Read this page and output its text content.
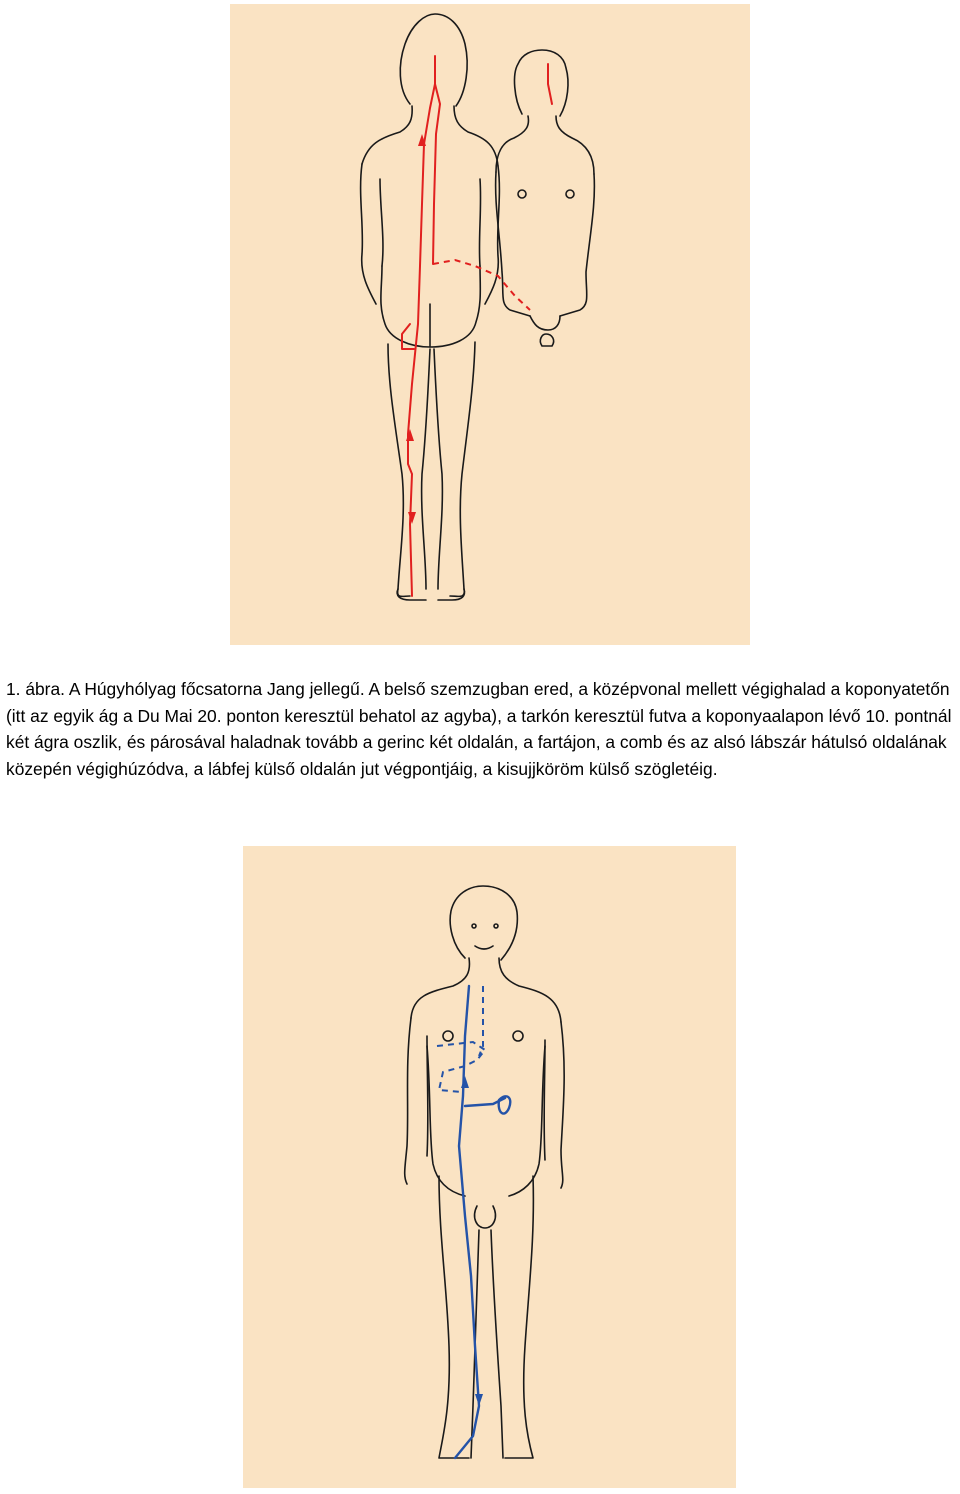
1. ábra. A Húgyhólyag főcsatorna Jang jellegű. A belső szemzugban ered, a középvonal mellett végighalad a koponyatetőn (itt az egyik ág a Du Mai 20. ponton keresztül behatol az agyba), a tarkón keresztül futva a koponyaalapon lévő 10. pontnál két ágra oszlik, és párosával haladnak tovább a gerinc két oldalán, a fartájon, a comb és az alsó lábszár hátulsó oldalának közepén végighúzódva, a lábfej külső oldalán jut végpontjáig, a kisujjköröm külső szögletéig.
